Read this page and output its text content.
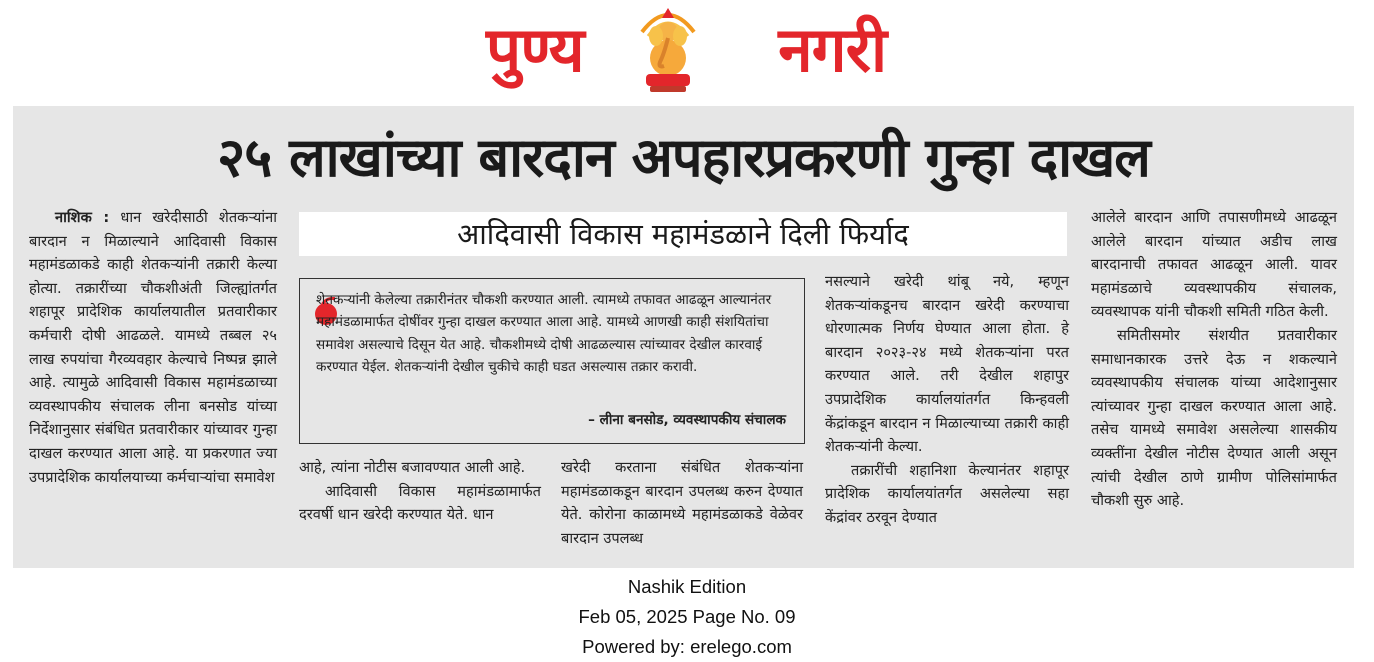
पुण्य	नगरी
२५ लाखांच्या बारदान अपहारप्रकरणी गुन्हा दाखल

नाशिक : धान खरेदीसाठी शेतकऱ्यांना बारदान न मिळाल्याने आदिवासी विकास महामंडळाकडे काही शेतकऱ्यांनी तक्रारी केल्या होत्या. तक्रारींच्या चौकशीअंती जिल्ह्यांतर्गत शहापूर प्रादेशिक कार्यालयातील प्रतवारीकार कर्मचारी दोषी आढळले. यामध्ये तब्बल २५ लाख रुपयांचा गैरव्यवहार केल्याचे निष्पन्न झाले आहे. त्यामुळे आदिवासी विकास महामंडळाच्या व्यवस्थापकीय संचालक लीना बनसोड यांच्या निर्देशानुसार संबंधित प्रतवारीकार यांच्यावर गुन्हा दाखल करण्यात आला आहे. या प्रकरणात ज्या उपप्रादेशिक कार्यालयाच्या कर्मचाऱ्यांचा समावेश

आदिवासी विकास महामंडळाने दिली फिर्याद
शेतकऱ्यांनी केलेल्या तक्रारीनंतर चौकशी करण्यात आली. त्यामध्ये तफावत आढळून आल्यानंतर महामंडळामार्फत दोषींवर गुन्हा दाखल करण्यात आला आहे. यामध्ये आणखी काही संशयितांचा समावेश असल्याचे दिसून येत आहे. चौकशीमध्ये दोषी आढळल्यास त्यांच्यावर देखील कारवाई करण्यात येईल. शेतकऱ्यांनी देखील चुकीचे काही घडत असल्यास तक्रार करावी.
– लीना बनसोड, व्यवस्थापकीय संचालक

आहे, त्यांना नोटीस बजावण्यात आली आहे.

आदिवासी विकास महामंडळामार्फत दरवर्षी धान खरेदी करण्यात येते. धान

खरेदी करताना संबंधित शेतकऱ्यांना महामंडळाकडून बारदान उपलब्ध करुन देण्यात येते. कोरोना काळामध्ये महामंडळाकडे वेळेवर बारदान उपलब्ध

नसल्याने खरेदी थांबू नये, म्हणून शेतकऱ्यांकडूनच बारदान खरेदी करण्याचा धोरणात्मक निर्णय घेण्यात आला होता. हे बारदान २०२३-२४ मध्ये शेतकऱ्यांना परत करण्यात आले. तरी देखील शहापुर उपप्रादेशिक कार्यालयांतर्गत किन्हवली केंद्रांकडून बारदान न मिळाल्याच्या तक्रारी काही शेतकऱ्यांनी केल्या.

तक्रारींची शहानिशा केल्यानंतर शहापूर प्रादेशिक कार्यालयांतर्गत असलेल्या सहा केंद्रांवर ठरवून देण्यात

आलेले बारदान आणि तपासणीमध्ये आढळून आलेले बारदान यांच्यात अडीच लाख बारदानाची तफावत आढळून आली. यावर महामंडळाचे व्यवस्थापकीय संचालक, व्यवस्थापक यांनी चौकशी समिती गठित केली.

समितीसमोर संशयीत प्रतवारीकार समाधानकारक उत्तरे देऊ न शकल्याने व्यवस्थापकीय संचालक यांच्या आदेशानुसार त्यांच्यावर गुन्हा दाखल करण्यात आला आहे. तसेच यामध्ये समावेश असलेल्या शासकीय व्यक्तींना देखील नोटीस देण्यात आली असून त्यांची देखील ठाणे ग्रामीण पोलिसांमार्फत चौकशी सुरु आहे.

Nashik Edition
Feb 05, 2025 Page No. 09
Powered by: erelego.com
